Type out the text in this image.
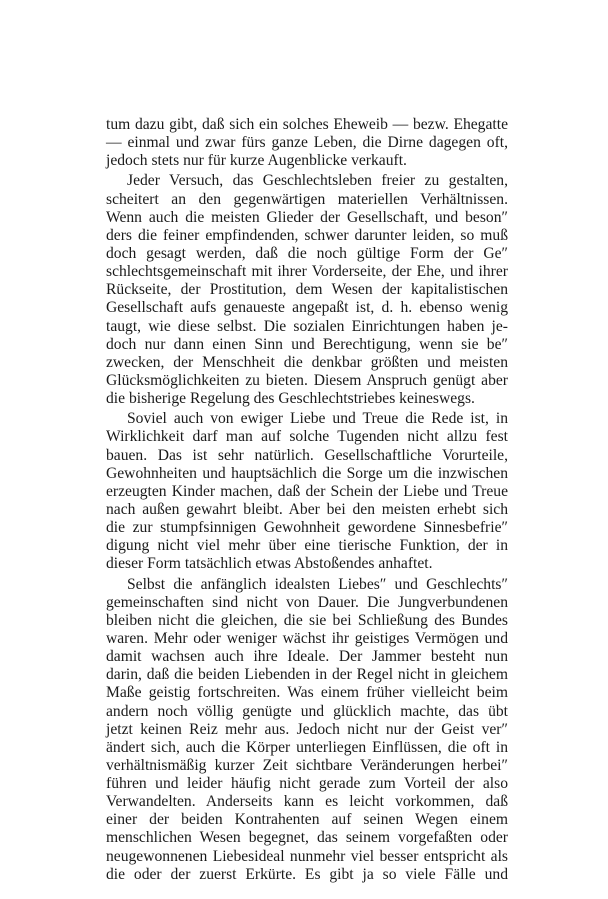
tum dazu gibt, daß sich ein solches Eheweib — bezw. Ehegatte
— einmal und zwar fürs ganze Leben, die Dirne dagegen oft,
jedoch stets nur für kurze Augenblicke verkauft.
Jeder Versuch, das Geschlechtsleben freier zu gestalten,
scheitert an den gegenwärtigen materiellen Verhältnissen.
Wenn auch die meisten Glieder der Gesellschaft, und beson″
ders die feiner empfindenden, schwer darunter leiden, so muß
doch gesagt werden, daß die noch gültige Form der Ge″
schlechtsgemeinschaft mit ihrer Vorderseite, der Ehe, und ihrer
Rückseite, der Prostitution, dem Wesen der kapitalistischen
Gesellschaft aufs genaueste angepaßt ist, d. h. ebenso wenig
taugt, wie diese selbst. Die sozialen Einrichtungen haben je-
doch nur dann einen Sinn und Berechtigung, wenn sie be″
zwecken, der Menschheit die denkbar größten und meisten
Glücksmöglichkeiten zu bieten. Diesem Anspruch genügt aber
die bisherige Regelung des Geschlechtstriebes keineswegs.
Soviel auch von ewiger Liebe und Treue die Rede ist, in
Wirklichkeit darf man auf solche Tugenden nicht allzu fest
bauen. Das ist sehr natürlich. Gesellschaftliche Vorurteile,
Gewohnheiten und hauptsächlich die Sorge um die inzwischen
erzeugten Kinder machen, daß der Schein der Liebe und Treue
nach außen gewahrt bleibt. Aber bei den meisten erhebt sich
die zur stumpfsinnigen Gewohnheit gewordene Sinnesbefrie″
digung nicht viel mehr über eine tierische Funktion, der in
dieser Form tatsächlich etwas Abstoßendes anhaftet.
Selbst die anfänglich idealsten Liebes″ und Geschlechts″
gemeinschaften sind nicht von Dauer. Die Jungverbundenen
bleiben nicht die gleichen, die sie bei Schließung des Bundes
waren. Mehr oder weniger wächst ihr geistiges Vermögen und
damit wachsen auch ihre Ideale. Der Jammer besteht nun
darin, daß die beiden Liebenden in der Regel nicht in gleichem
Maße geistig fortschreiten. Was einem früher vielleicht beim
andern noch völlig genügte und glücklich machte, das übt
jetzt keinen Reiz mehr aus. Jedoch nicht nur der Geist ver″
ändert sich, auch die Körper unterliegen Einflüssen, die oft in
verhältnismäßig kurzer Zeit sichtbare Veränderungen herbei″
führen und leider häufig nicht gerade zum Vorteil der also
Verwandelten. Anderseits kann es leicht vorkommen, daß
einer der beiden Kontrahenten auf seinen Wegen einem
menschlichen Wesen begegnet, das seinem vorgefaßten oder
neugewonnenen Liebesideal nunmehr viel besser entspricht als
die oder der zuerst Erkürte. Es gibt ja so viele Fälle und
